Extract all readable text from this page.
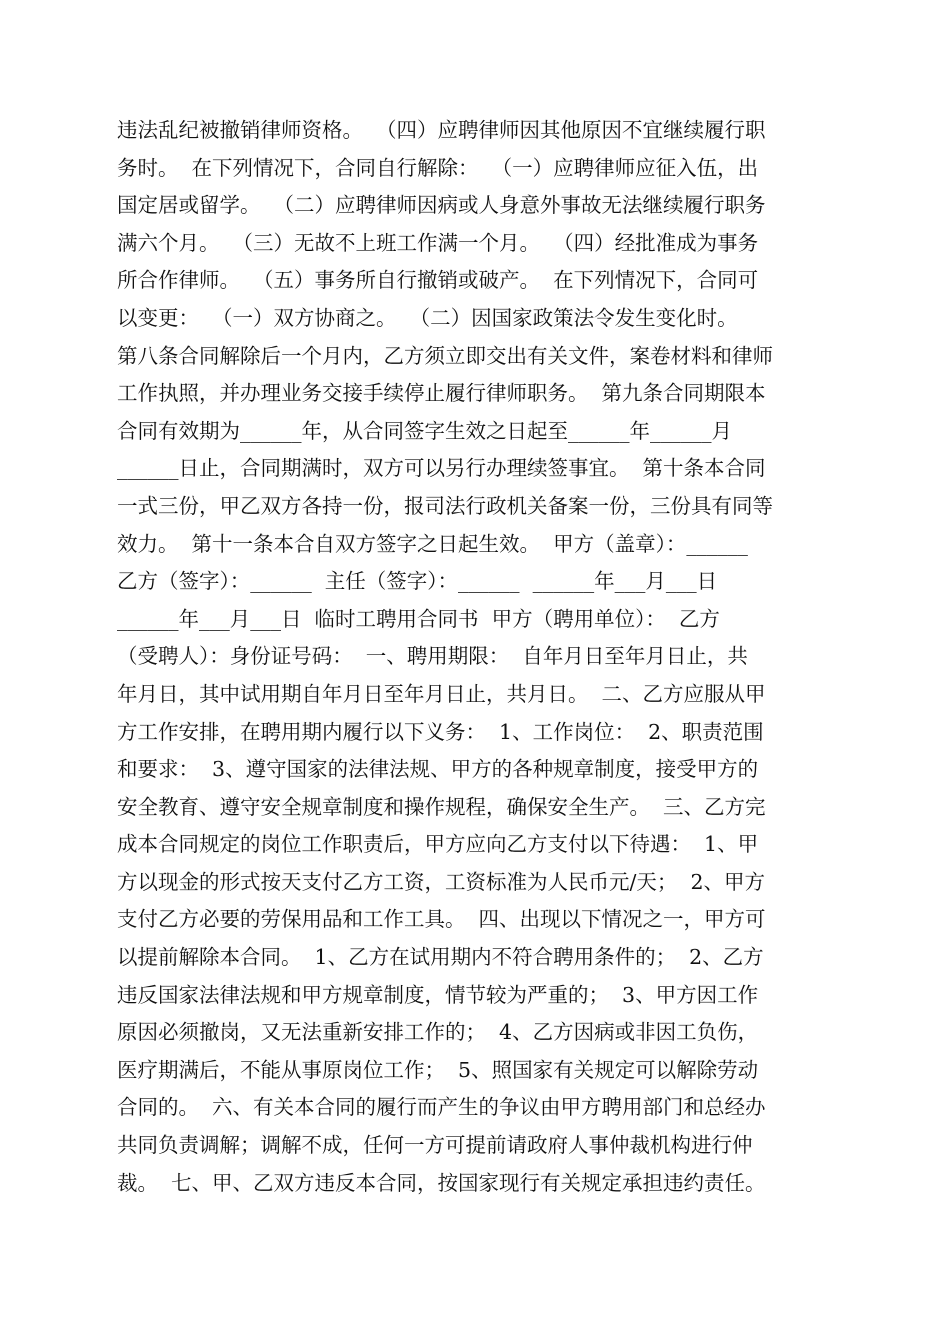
违法乱纪被撤销律师资格。  （四）应聘律师因其他原因不宜继续履行职
务时。  在下列情况下，合同自行解除：  （一）应聘律师应征入伍，出
国定居或留学。  （二）应聘律师因病或人身意外事故无法继续履行职务
满六个月。  （三）无故不上班工作满一个月。  （四）经批准成为事务
所合作律师。  （五）事务所自行撤销或破产。  在下列情况下，合同可
以变更：  （一）双方协商之。  （二）因国家政策法令发生变化时。
第八条合同解除后一个月内，乙方须立即交出有关文件，案卷材料和律师
工作执照，并办理业务交接手续停止履行律师职务。  第九条合同期限本
合同有效期为______年，从合同签字生效之日起至______年______月
______日止，合同期满时，双方可以另行办理续签事宜。  第十条本合同
一式三份，甲乙双方各持一份，报司法行政机关备案一份，三份具有同等
效力。  第十一条本合自双方签字之日起生效。  甲方（盖章）：______
乙方（签字）：______  主任（签字）：______  ______年___月___日
______年___月___日  临时工聘用合同书  甲方（聘用单位）：  乙方
（受聘人）：身份证号码：  一、聘用期限：  自年月日至年月日止，共
年月日，其中试用期自年月日至年月日止，共月日。  二、乙方应服从甲
方工作安排，在聘用期内履行以下义务：  1、工作岗位：  2、职责范围
和要求：  3、遵守国家的法律法规、甲方的各种规章制度，接受甲方的
安全教育、遵守安全规章制度和操作规程，确保安全生产。  三、乙方完
成本合同规定的岗位工作职责后，甲方应向乙方支付以下待遇：  1、甲
方以现金的形式按天支付乙方工资，工资标准为人民币元/天；  2、甲方
支付乙方必要的劳保用品和工作工具。  四、出现以下情况之一，甲方可
以提前解除本合同。  1、乙方在试用期内不符合聘用条件的；  2、乙方
违反国家法律法规和甲方规章制度，情节较为严重的；  3、甲方因工作
原因必须撤岗，又无法重新安排工作的；  4、乙方因病或非因工负伤，
医疗期满后，不能从事原岗位工作；  5、照国家有关规定可以解除劳动
合同的。  六、有关本合同的履行而产生的争议由甲方聘用部门和总经办
共同负责调解；调解不成，任何一方可提前请政府人事仲裁机构进行仲
裁。  七、甲、乙双方违反本合同，按国家现行有关规定承担违约责任。
